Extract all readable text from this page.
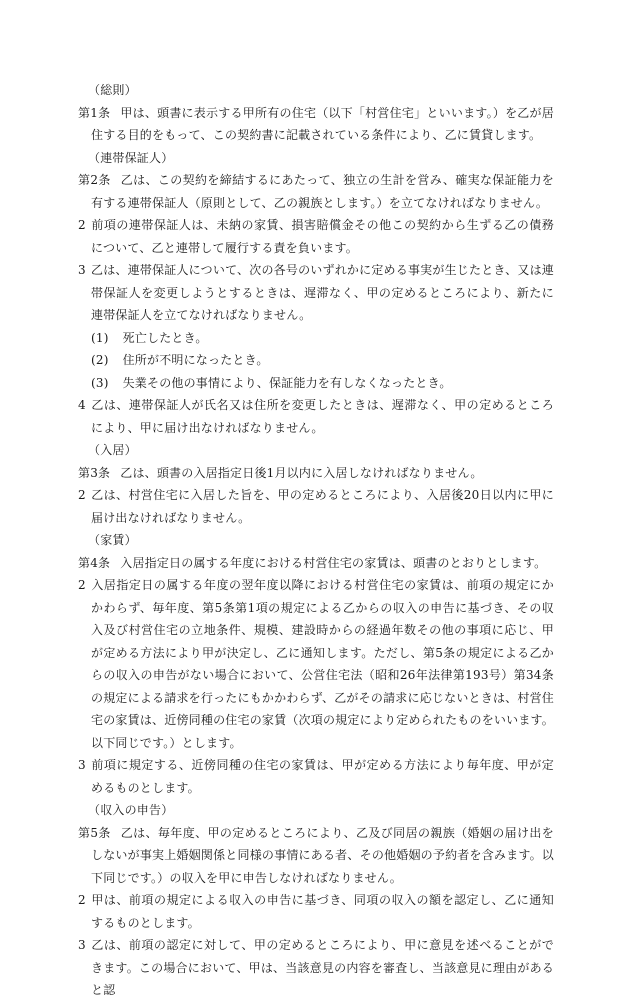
（総則）
第1条 甲は、頭書に表示する甲所有の住宅（以下「村営住宅」といいます。）を乙が居住する目的をもって、この契約書に記載されている条件により、乙に賃貸します。
（連帯保証人）
第2条 乙は、この契約を締結するにあたって、独立の生計を営み、確実な保証能力を有する連帯保証人（原則として、乙の親族とします。）を立てなければなりません。
2 前項の連帯保証人は、未納の家賃、損害賠償金その他この契約から生ずる乙の債務について、乙と連帯して履行する責を負います。
3 乙は、連帯保証人について、次の各号のいずれかに定める事実が生じたとき、又は連帯保証人を変更しようとするときは、遅滞なく、甲の定めるところにより、新たに連帯保証人を立てなければなりません。
(1) 死亡したとき。
(2) 住所が不明になったとき。
(3) 失業その他の事情により、保証能力を有しなくなったとき。
4 乙は、連帯保証人が氏名又は住所を変更したときは、遅滞なく、甲の定めるところにより、甲に届け出なければなりません。
（入居）
第3条 乙は、頭書の入居指定日後1月以内に入居しなければなりません。
2 乙は、村営住宅に入居した旨を、甲の定めるところにより、入居後20日以内に甲に届け出なければなりません。
（家賃）
第4条 入居指定日の属する年度における村営住宅の家賃は、頭書のとおりとします。
2 入居指定日の属する年度の翌年度以降における村営住宅の家賃は、前項の規定にかかわらず、毎年度、第5条第1項の規定による乙からの収入の申告に基づき、その収入及び村営住宅の立地条件、規模、建設時からの経過年数その他の事項に応じ、甲が定める方法により甲が決定し、乙に通知します。ただし、第5条の規定による乙からの収入の申告がない場合において、公営住宅法（昭和26年法律第193号）第34条の規定による請求を行ったにもかかわらず、乙がその請求に応じないときは、村営住宅の家賃は、近傍同種の住宅の家賃（次項の規定により定められたものをいいます。以下同じです。）とします。
3 前項に規定する、近傍同種の住宅の家賃は、甲が定める方法により毎年度、甲が定めるものとします。
（収入の申告）
第5条 乙は、毎年度、甲の定めるところにより、乙及び同居の親族（婚姻の届け出をしないが事実上婚姻関係と同様の事情にある者、その他婚姻の予約者を含みます。以下同じです。）の収入を甲に申告しなければなりません。
2 甲は、前項の規定による収入の申告に基づき、同項の収入の額を認定し、乙に通知するものとします。
3 乙は、前項の認定に対して、甲の定めるところにより、甲に意見を述べることができます。この場合において、甲は、当該意見の内容を審査し、当該意見に理由があると認
